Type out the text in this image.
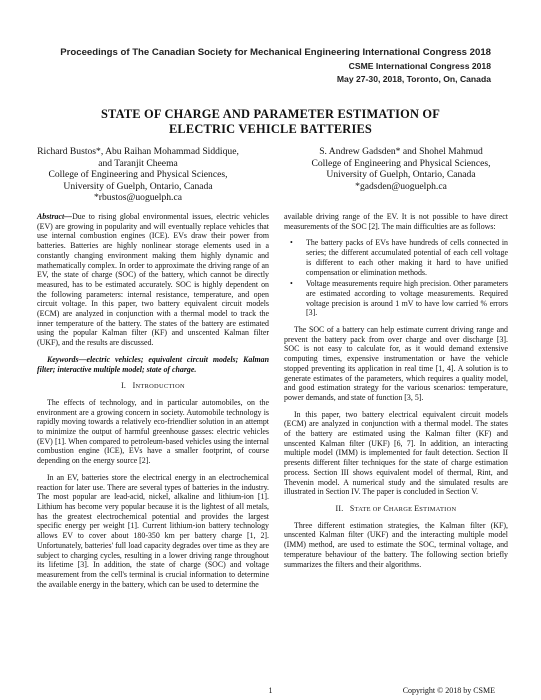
Proceedings of The Canadian Society for Mechanical Engineering International Congress 2018
CSME International Congress 2018
May 27-30, 2018, Toronto, On, Canada
STATE OF CHARGE AND PARAMETER ESTIMATION OF
ELECTRIC VEHICLE BATTERIES
Richard Bustos*, Abu Raihan Mohammad Siddique,
and Taranjit Cheema
College of Engineering and Physical Sciences,
University of Guelph, Ontario, Canada
*rbustos@uoguelph.ca
S. Andrew Gadsden* and Shohel Mahmud
College of Engineering and Physical Sciences,
University of Guelph, Ontario, Canada
*gadsden@uoguelph.ca

Abstract—Due to rising global environmental issues, electric vehicles (EV) are growing in popularity and will eventually replace vehicles that use internal combustion engines (ICE). EVs draw their power from batteries. Batteries are highly nonlinear storage elements used in a constantly changing environment making them highly dynamic and mathematically complex. In order to approximate the driving range of an EV, the state of charge (SOC) of the battery, which cannot be directly measured, has to be estimated accurately. SOC is highly dependent on the following parameters: internal resistance, temperature, and open circuit voltage. In this paper, two battery equivalent circuit models (ECM) are analyzed in conjunction with a thermal model to track the inner temperature of the battery. The states of the battery are estimated using the popular Kalman filter (KF) and unscented Kalman filter (UKF), and the results are discussed.

Keywords—electric vehicles; equivalent circuit models; Kalman filter; interactive multiple model; state of charge.

I. INTRODUCTION

The effects of technology, and in particular automobiles, on the environment are a growing concern in society. Automobile technology is rapidly moving towards a relatively eco-friendlier solution in an attempt to minimize the output of harmful greenhouse gasses: electric vehicles (EV) [1]. When compared to petroleum-based vehicles using the internal combustion engine (ICE), EVs have a smaller footprint, of course depending on the energy source [2].

In an EV, batteries store the electrical energy in an electrochemical reaction for later use. There are several types of batteries in the industry. The most popular are lead-acid, nickel, alkaline and lithium-ion [1]. Lithium has become very popular because it is the lightest of all metals, has the greatest electrochemical potential and provides the largest specific energy per weight [1]. Current lithium-ion battery technology allows EV to cover about 180-350 km per battery charge [1, 2]. Unfortunately, batteries' full load capacity degrades over time as they are subject to charging cycles, resulting in a lower driving range throughout its lifetime [3]. In addition, the state of charge (SOC) and voltage measurement from the cell's terminal is crucial information to determine the available energy in the battery, which can be used to determine the

available driving range of the EV. It is not possible to have direct measurements of the SOC [2]. The main difficulties are as follows:

• The battery packs of EVs have hundreds of cells connected in series; the different accumulated potential of each cell voltage is different to each other making it hard to have unified compensation or elimination methods.
• Voltage measurements require high precision. Other parameters are estimated according to voltage measurements. Required voltage precision is around 1 mV to have low carried % errors [3].

The SOC of a battery can help estimate current driving range and prevent the battery pack from over charge and over discharge [3]. SOC is not easy to calculate for, as it would demand extensive computing times, expensive instrumentation or have the vehicle stopped preventing its application in real time [1, 4]. A solution is to generate estimates of the parameters, which requires a quality model, and good estimation strategy for the various scenarios: temperature, power demands, and state of function [3, 5].

In this paper, two battery electrical equivalent circuit models (ECM) are analyzed in conjunction with a thermal model. The states of the battery are estimated using the Kalman filter (KF) and unscented Kalman filter (UKF) [6, 7]. In addition, an interacting multiple model (IMM) is implemented for fault detection. Section II presents different filter techniques for the state of charge estimation process. Section III shows equivalent model of thermal, Rint, and Thevenin model. A numerical study and the simulated results are illustrated in Section IV. The paper is concluded in Section V.

II. STATE OF CHARGE ESTIMATION

Three different estimation strategies, the Kalman filter (KF), unscented Kalman filter (UKF) and the interacting multiple model (IMM) method, are used to estimate the SOC, terminal voltage, and temperature behaviour of the battery. The following section briefly summarizes the filters and their algorithms.

1	Copyright © 2018 by CSME
